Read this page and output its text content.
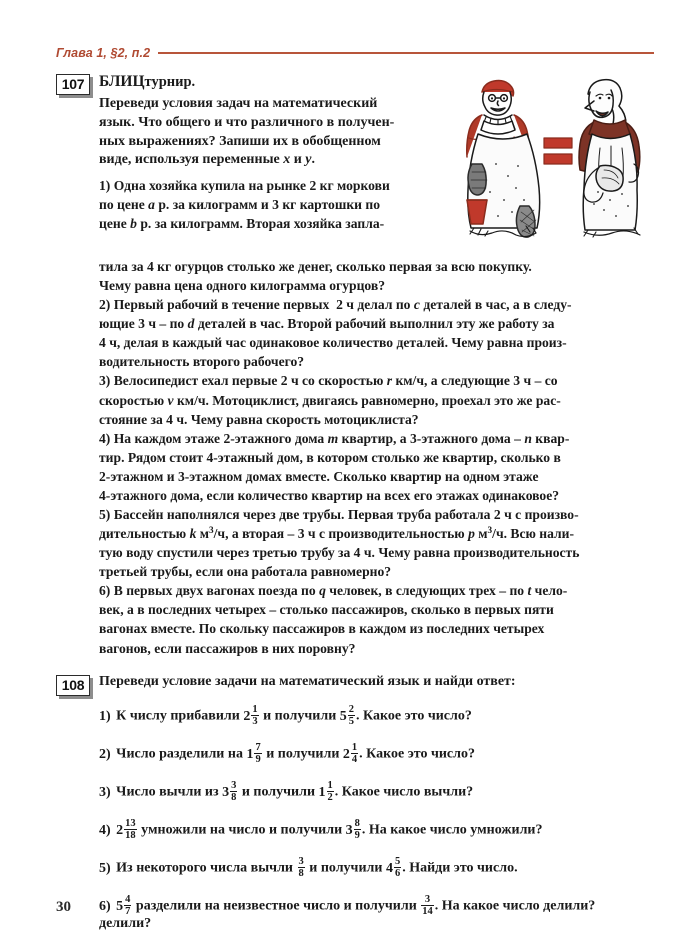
Глава 1, §2, п.2
107 БЛИЦтурнир.

Переведи условия задач на математический

язык. Что общего и что различного в получен-

ных выражениях? Запиши их в обобщенном

виде, используя переменные x и y.

1) Одна хозяйка купила на рынке 2 кг моркови

по цене a р. за килограмм и 3 кг картошки по

цене b р. за килограмм. Вторая хозяйка запла-

тила за 4 кг огурцов столько же денег, сколько первая за всю покупку.

Чему равна цена одного килограмма огурцов?

2) Первый рабочий в течение первых  2 ч делал по c деталей в час, а в следу-

ющие 3 ч – по d деталей в час. Второй рабочий выполнил эту же работу за

4 ч, делая в каждый час одинаковое количество деталей. Чему равна произ-

водительность второго рабочего?

3) Велосипедист ехал первые 2 ч со скоростью r км/ч, а следующие 3 ч – со

скоростью v км/ч. Мотоциклист, двигаясь равномерно, проехал это же рас-

стояние за 4 ч. Чему равна скорость мотоциклиста?

4) На каждом этаже 2-этажного дома m квартир, а 3-этажного дома – n квар-

тир. Рядом стоит 4-этажный дом, в котором столько же квартир, сколько в

2-этажном и 3-этажном домах вместе. Сколько квартир на одном этаже

4-этажного дома, если количество квартир на всех его этажах одинаковое?

5) Бассейн наполнялся через две трубы. Первая труба работала 2 ч с произво-

дительностью k $м^3/ч$, а вторая – 3 ч с производительностью p $м^3/ч$. Всю нали-

тую воду спустили через третью трубу за 4 ч. Чему равна производительность

третьей трубы, если она работала равномерно?

6) В первых двух вагонах поезда по q человек, в следующих трех – по t чело-

век, а в последних четырех – столько пассажиров, сколько в первых пяти

вагонах вместе. По скольку пассажиров в каждом из последних четырех

вагонов, если пассажиров в них поровну?

108	Переведи условие задачи на математический язык и найди ответ:

1) К числу прибавили $2 \frac{1}{3}$ и получили $5 \frac{2}{5}$ . Какое это число?
2) Число разделили на $1 \frac{7}{9}$ и получили $2 \frac{1}{4}$ . Какое это число?
3) Число вычли из $3 \frac{3}{8}$ и получили $1 \frac{1}{2}$ . Какое число вычли?
4) $2 \frac{13}{18}$ умножили на число и получили $3 \frac{8}{9}$ . На какое число умножили?
5) Из некоторого числа вычли $\frac{3}{8}$ и получили $4 \frac{5}{6}$ . Найди это число.
6) $5 \frac{4}{7}$ разделили на неизвестное число и получили $\frac{3}{14}$ . На какое число делили?
делили?
30
